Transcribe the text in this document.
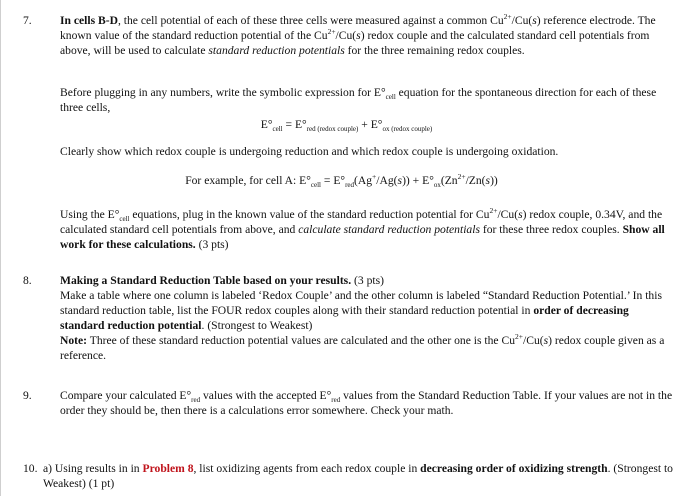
7.	In cells B-D, the cell potential of each of these three cells were measured against a common $Cu^{2+}/Cu(s)$ reference electrode. The known value of the standard reduction potential of the $Cu^{2+}/Cu(s)$ redox couple and the calculated standard cell potentials from above, will be used to calculate standard reduction potentials for the three remaining redox couples.

Before plugging in any numbers, write the symbolic expression for $E^\circ_{cell}$ equation for the spontaneous direction for each of these three cells,

$E^\circ_{cell} = E^\circ_{red (redox couple)} + E^\circ_{ox (redox couple)}$

Clearly show which redox couple is undergoing reduction and which redox couple is undergoing oxidation.

For example, for cell A: $E^\circ_{cell} = E^\circ_{red}(Ag^+/Ag(s)) + E^\circ_{ox}(Zn^{2+}/Zn(s))$

Using the $E^\circ_{cell}$ equations, plug in the known value of the standard reduction potential for $Cu^{2+}/Cu(s)$ redox couple, 0.34V, and the calculated standard cell potentials from above, and calculate standard reduction potentials for these three redox couples. Show all work for these calculations. (3 pts)

8.	Making a Standard Reduction Table based on your results. (3 pts)
Make a table where one column is labeled ‘Redox Couple’ and the other column is labeled “Standard Reduction Potential.’ In this standard reduction table, list the FOUR redox couples along with their standard reduction potential in order of decreasing standard reduction potential. (Strongest to Weakest)
Note: Three of these standard reduction potential values are calculated and the other one is the $Cu^{2+}/Cu(s)$ redox couple given as a reference.

9.	Compare your calculated $E^\circ_{red}$ values with the accepted $E^\circ_{red}$ values from the Standard Reduction Table. If your values are not in the order they should be, then there is a calculations error somewhere. Check your math.

10. a) Using results in in Problem 8, list oxidizing agents from each redox couple in decreasing order of oxidizing strength. (Strongest to Weakest) (1 pt)
